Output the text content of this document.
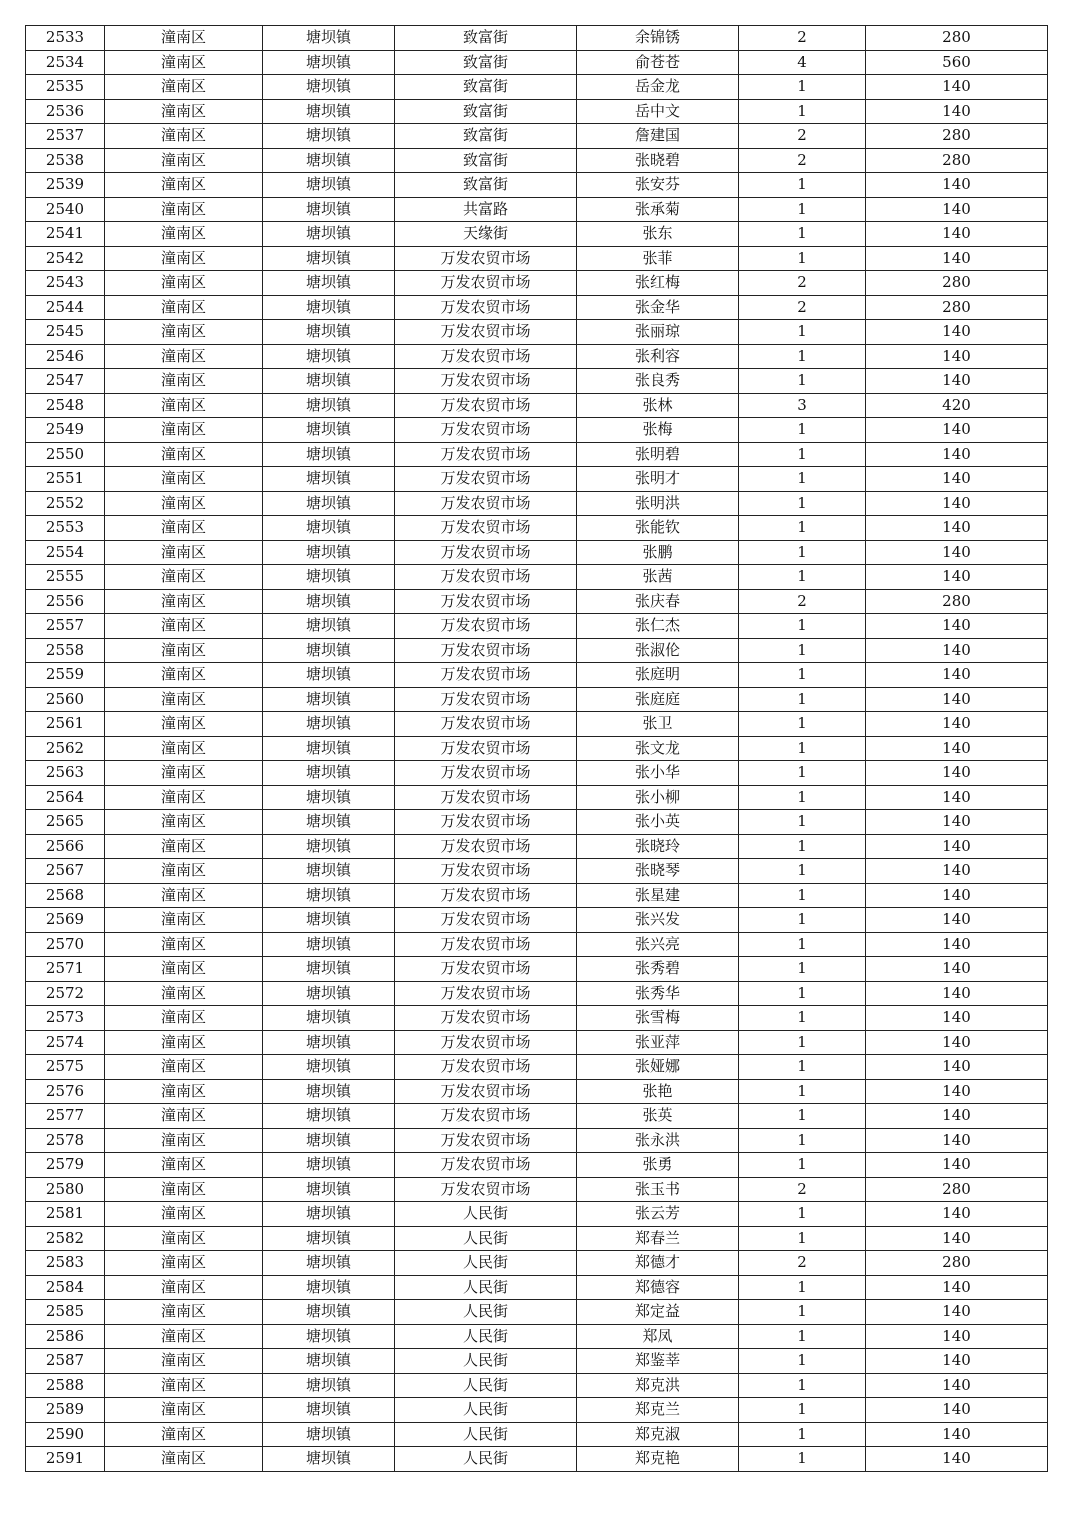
2533	潼南区	塘坝镇	致富街	余锦锈	2	280
2534	潼南区	塘坝镇	致富街	俞苍苍	4	560
2535	潼南区	塘坝镇	致富街	岳金龙	1	140
2536	潼南区	塘坝镇	致富街	岳中文	1	140
2537	潼南区	塘坝镇	致富街	詹建国	2	280
2538	潼南区	塘坝镇	致富街	张晓碧	2	280
2539	潼南区	塘坝镇	致富街	张安芬	1	140
2540	潼南区	塘坝镇	共富路	张承菊	1	140
2541	潼南区	塘坝镇	天缘街	张东	1	140
2542	潼南区	塘坝镇	万发农贸市场	张菲	1	140
2543	潼南区	塘坝镇	万发农贸市场	张红梅	2	280
2544	潼南区	塘坝镇	万发农贸市场	张金华	2	280
2545	潼南区	塘坝镇	万发农贸市场	张丽琼	1	140
2546	潼南区	塘坝镇	万发农贸市场	张利容	1	140
2547	潼南区	塘坝镇	万发农贸市场	张良秀	1	140
2548	潼南区	塘坝镇	万发农贸市场	张林	3	420
2549	潼南区	塘坝镇	万发农贸市场	张梅	1	140
2550	潼南区	塘坝镇	万发农贸市场	张明碧	1	140
2551	潼南区	塘坝镇	万发农贸市场	张明才	1	140
2552	潼南区	塘坝镇	万发农贸市场	张明洪	1	140
2553	潼南区	塘坝镇	万发农贸市场	张能钦	1	140
2554	潼南区	塘坝镇	万发农贸市场	张鹏	1	140
2555	潼南区	塘坝镇	万发农贸市场	张茜	1	140
2556	潼南区	塘坝镇	万发农贸市场	张庆春	2	280
2557	潼南区	塘坝镇	万发农贸市场	张仁杰	1	140
2558	潼南区	塘坝镇	万发农贸市场	张淑伦	1	140
2559	潼南区	塘坝镇	万发农贸市场	张庭明	1	140
2560	潼南区	塘坝镇	万发农贸市场	张庭庭	1	140
2561	潼南区	塘坝镇	万发农贸市场	张卫	1	140
2562	潼南区	塘坝镇	万发农贸市场	张文龙	1	140
2563	潼南区	塘坝镇	万发农贸市场	张小华	1	140
2564	潼南区	塘坝镇	万发农贸市场	张小柳	1	140
2565	潼南区	塘坝镇	万发农贸市场	张小英	1	140
2566	潼南区	塘坝镇	万发农贸市场	张晓玲	1	140
2567	潼南区	塘坝镇	万发农贸市场	张晓琴	1	140
2568	潼南区	塘坝镇	万发农贸市场	张星建	1	140
2569	潼南区	塘坝镇	万发农贸市场	张兴发	1	140
2570	潼南区	塘坝镇	万发农贸市场	张兴亮	1	140
2571	潼南区	塘坝镇	万发农贸市场	张秀碧	1	140
2572	潼南区	塘坝镇	万发农贸市场	张秀华	1	140
2573	潼南区	塘坝镇	万发农贸市场	张雪梅	1	140
2574	潼南区	塘坝镇	万发农贸市场	张亚萍	1	140
2575	潼南区	塘坝镇	万发农贸市场	张娅娜	1	140
2576	潼南区	塘坝镇	万发农贸市场	张艳	1	140
2577	潼南区	塘坝镇	万发农贸市场	张英	1	140
2578	潼南区	塘坝镇	万发农贸市场	张永洪	1	140
2579	潼南区	塘坝镇	万发农贸市场	张勇	1	140
2580	潼南区	塘坝镇	万发农贸市场	张玉书	2	280
2581	潼南区	塘坝镇	人民街	张云芳	1	140
2582	潼南区	塘坝镇	人民街	郑春兰	1	140
2583	潼南区	塘坝镇	人民街	郑德才	2	280
2584	潼南区	塘坝镇	人民街	郑德容	1	140
2585	潼南区	塘坝镇	人民街	郑定益	1	140
2586	潼南区	塘坝镇	人民街	郑凤	1	140
2587	潼南区	塘坝镇	人民街	郑鉴莘	1	140
2588	潼南区	塘坝镇	人民街	郑克洪	1	140
2589	潼南区	塘坝镇	人民街	郑克兰	1	140
2590	潼南区	塘坝镇	人民街	郑克淑	1	140
2591	潼南区	塘坝镇	人民街	郑克艳	1	140
